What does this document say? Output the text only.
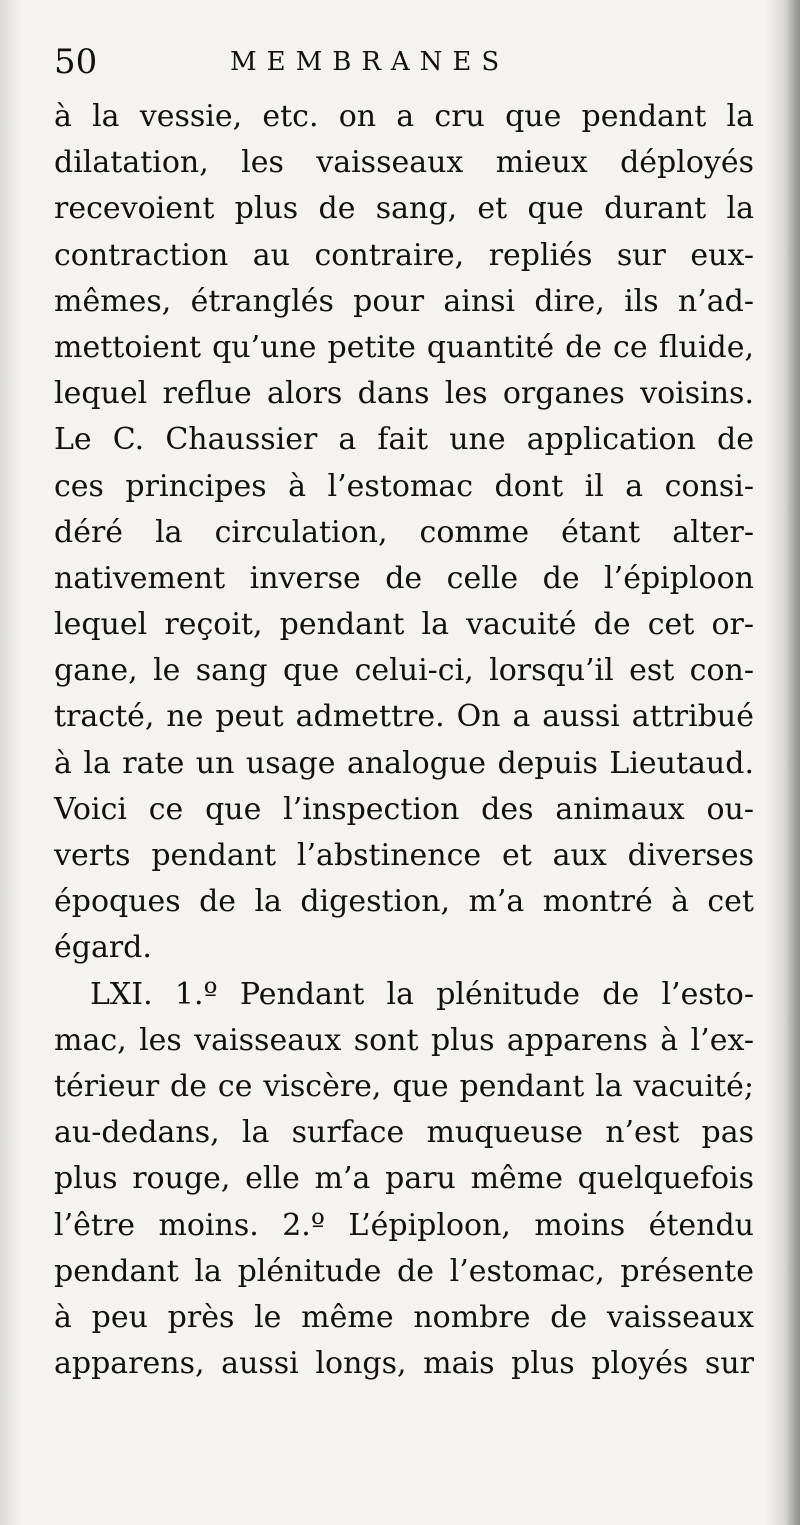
50	MEMBRANES
à la vessie, etc. on a cru que pendant la
dilatation, les vaisseaux mieux déployés
recevoient plus de sang, et que durant la
contraction au contraire, repliés sur eux-
mêmes, étranglés pour ainsi dire, ils n’ad-
mettoient qu’une petite quantité de ce fluide,
lequel reflue alors dans les organes voisins.
Le C. Chaussier a fait une application de
ces principes à l’estomac dont il a consi-
déré la circulation, comme étant alter-
nativement inverse de celle de l’épiploon
lequel reçoit, pendant la vacuité de cet or-
gane, le sang que celui-ci, lorsqu’il est con-
tracté, ne peut admettre. On a aussi attribué
à la rate un usage analogue depuis Lieutaud.
Voici ce que l’inspection des animaux ou-
verts pendant l’abstinence et aux diverses
époques de la digestion, m’a montré à cet
égard.
LXI. 1.º Pendant la plénitude de l’esto-
mac, les vaisseaux sont plus apparens à l’ex-
térieur de ce viscère, que pendant la vacuité;
au-dedans, la surface muqueuse n’est pas
plus rouge, elle m’a paru même quelquefois
l’être moins. 2.º L’épiploon, moins étendu
pendant la plénitude de l’estomac, présente
à peu près le même nombre de vaisseaux
apparens, aussi longs, mais plus ployés sur
